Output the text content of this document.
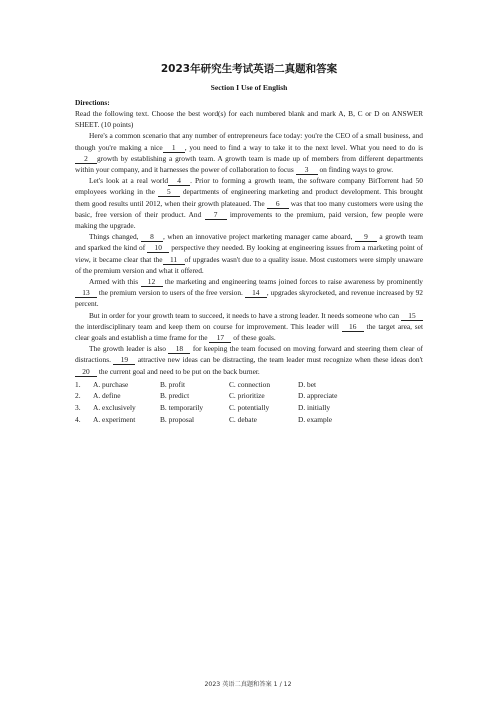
2023年研究生考试英语二真题和答案
Section I Use of English
Directions:

Read the following text. Choose the best word(s) for each numbered blank and mark A, B, C or D on ANSWER SHEET. (10 points)

Here's a common scenario that any number of entrepreneurs face today: you're the CEO of a small business, and though you're making a nice 1 , you need to find a way to take it to the next level. What you need to do is 2 growth by establishing a growth team. A growth team is made up of members from different departments within your company, and it harnesses the power of collaboration to focus 3 on finding ways to grow.

Let's look at a real world 4 . Prior to forming a growth team, the software company BitTorrent had 50 employees working in the 5 departments of engineering marketing and product development. This brought them good results until 2012, when their growth plateaued. The 6 was that too many customers were using the basic, free version of their product. And 7 improvements to the premium, paid version, few people were making the upgrade.

Things changed, 8 , when an innovative project marketing manager came aboard, 9 a growth team and sparked the kind of 10 perspective they needed. By looking at engineering issues from a marketing point of view, it became clear that the 11 of upgrades wasn't due to a quality issue. Most customers were simply unaware of the premium version and what it offered.

Armed with this 12 the marketing and engineering teams joined forces to raise awareness by prominently 13 the premium version to users of the free version. 14 , upgrades skyrocketed, and revenue increased by 92 percent.

But in order for your growth team to succeed, it needs to have a strong leader. It needs someone who can 15 the interdisciplinary team and keep them on course for improvement. This leader will 16 the target area, set clear goals and establish a time frame for the 17 of these goals.

The growth leader is also 18 for keeping the team focused on moving forward and steering them clear of distractions. 19 attractive new ideas can be distracting, the team leader must recognize when these ideas don't 20 the current goal and need to be put on the back burner.

1.	A. purchase	B. profit	C. connection	D. bet
2.	A. define	B. predict	C. prioritize	D. appreciate
3.	A. exclusively	B. temporarily	C. potentially	D. initially
4.	A. experiment	B. proposal	C. debate	D. example
2023 英语二真题和答案 1 / 12
